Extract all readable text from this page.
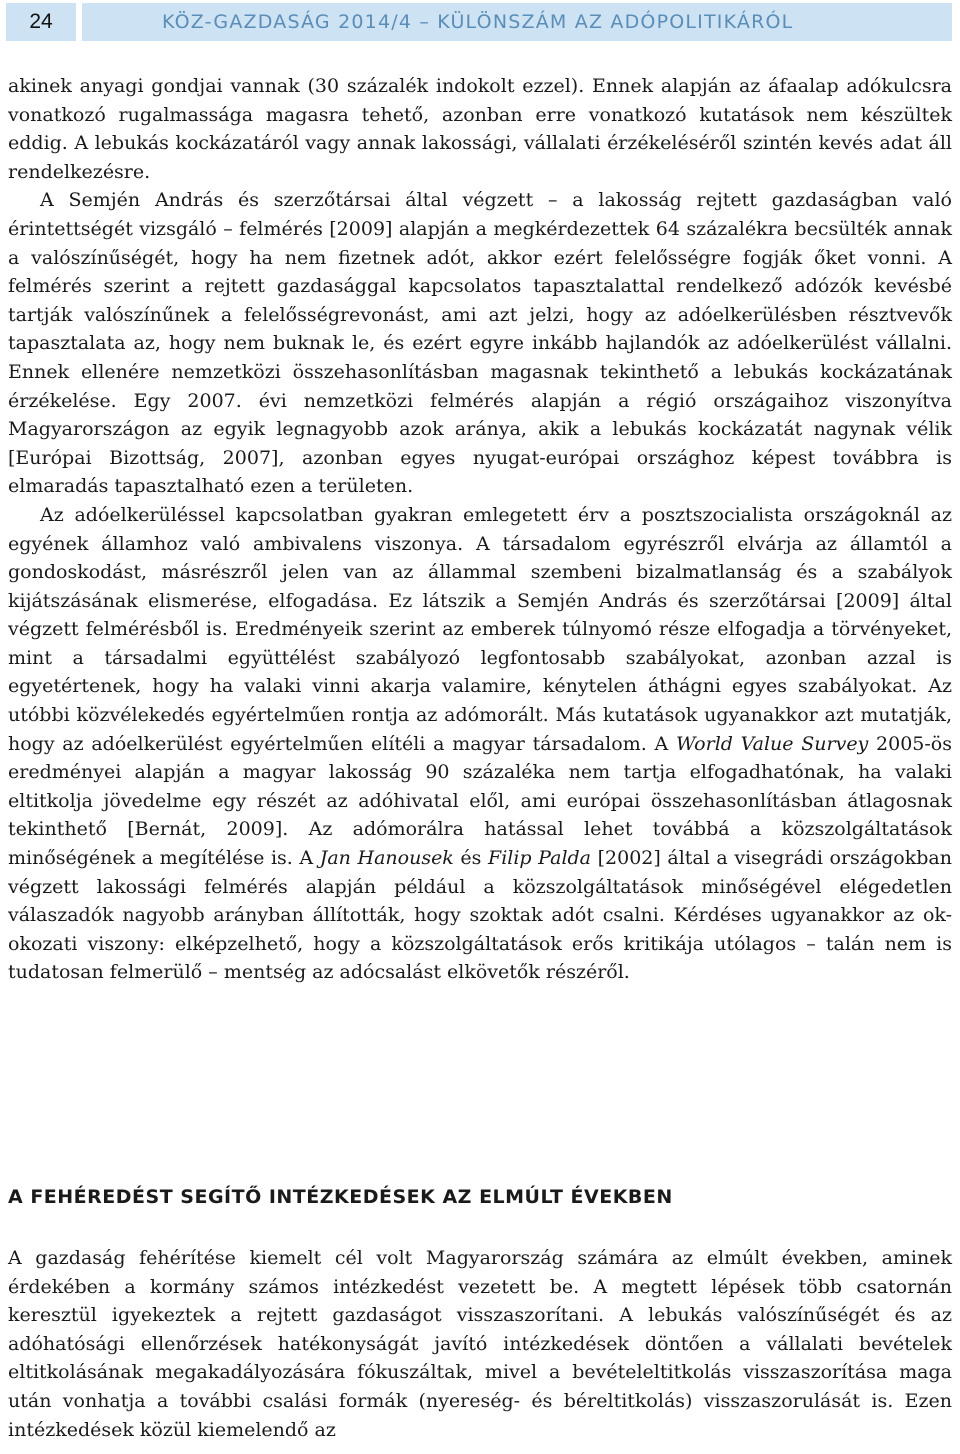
24	KÖZ-GAZDASÁG 2014/4 – KÜLÖNSZÁM AZ ADÓPOLITIKÁRÓL

akinek anyagi gondjai vannak (30 százalék indokolt ezzel). Ennek alapján az áfaalap adókulcsra vonatkozó rugalmassága magasra tehető, azonban erre vonatkozó kutatások nem készültek eddig. A lebukás kockázatáról vagy annak lakossági, vállalati érzékeléséről szintén kevés adat áll rendelkezésre.

A Semjén András és szerzőtársai által végzett – a lakosság rejtett gazdaságban való érintettségét vizsgáló – felmérés [2009] alapján a megkérdezettek 64 százalékra becsülték annak a valószínűségét, hogy ha nem fizetnek adót, akkor ezért felelősségre fogják őket vonni. A felmérés szerint a rejtett gazdasággal kapcsolatos tapasztalattal rendelkező adózók kevésbé tartják valószínűnek a felelősségrevonást, ami azt jelzi, hogy az adóelkerülésben résztvevők tapasztalata az, hogy nem buknak le, és ezért egyre inkább hajlandók az adóelkerülést vállalni. Ennek ellenére nemzetközi összehasonlításban magasnak tekinthető a lebukás kockázatának érzékelése. Egy 2007. évi nemzetközi felmérés alapján a régió országaihoz viszonyítva Magyarországon az egyik legnagyobb azok aránya, akik a lebukás kockázatát nagynak vélik [Európai Bizottság, 2007], azonban egyes nyugat-európai országhoz képest továbbra is elmaradás tapasztalható ezen a területen.

Az adóelkerüléssel kapcsolatban gyakran emlegetett érv a posztszocialista országoknál az egyének államhoz való ambivalens viszonya. A társadalom egyrészről elvárja az államtól a gondoskodást, másrészről jelen van az állammal szembeni bizalmatlanság és a szabályok kijátszásának elismerése, elfogadása. Ez látszik a Semjén András és szerzőtársai [2009] által végzett felmérésből is. Eredményeik szerint az emberek túlnyomó része elfogadja a törvényeket, mint a társadalmi együttélést szabályozó legfontosabb szabályokat, azonban azzal is egyetértenek, hogy ha valaki vinni akarja valamire, kénytelen áthágni egyes szabályokat. Az utóbbi közvélekedés egyértelműen rontja az adómorált. Más kutatások ugyanakkor azt mutatják, hogy az adóelkerülést egyértelműen elítéli a magyar társadalom. A World Value Survey 2005-ös eredményei alapján a magyar lakosság 90 százaléka nem tartja elfogadhatónak, ha valaki eltitkolja jövedelme egy részét az adóhivatal elől, ami európai összehasonlításban átlagosnak tekinthető [Bernát, 2009]. Az adómorálra hatással lehet továbbá a közszolgáltatások minőségének a megítélése is. A Jan Hanousek és Filip Palda [2002] által a visegrádi országokban végzett lakossági felmérés alapján például a közszolgáltatások minőségével elégedetlen válaszadók nagyobb arányban állították, hogy szoktak adót csalni. Kérdéses ugyanakkor az ok-okozati viszony: elképzelhető, hogy a közszolgáltatások erős kritikája utólagos – talán nem is tudatosan felmerülő – mentség az adócsalást elkövetők részéről.

A FEHÉREDÉST SEGÍTŐ INTÉZKEDÉSEK AZ ELMÚLT ÉVEKBEN

A gazdaság fehérítése kiemelt cél volt Magyarország számára az elmúlt években, aminek érdekében a kormány számos intézkedést vezetett be. A megtett lépések több csatornán keresztül igyekeztek a rejtett gazdaságot visszaszorítani. A lebukás valószínűségét és az adóhatósági ellenőrzések hatékonyságát javító intézkedések döntően a vállalati bevételek eltitkolásának megakadályozására fókuszáltak, mivel a bevételeltitkolás visszaszorítása maga után vonhatja a további csalási formák (nyereség- és béreltitkolás) visszaszorulását is. Ezen intézkedések közül kiemelendő az
